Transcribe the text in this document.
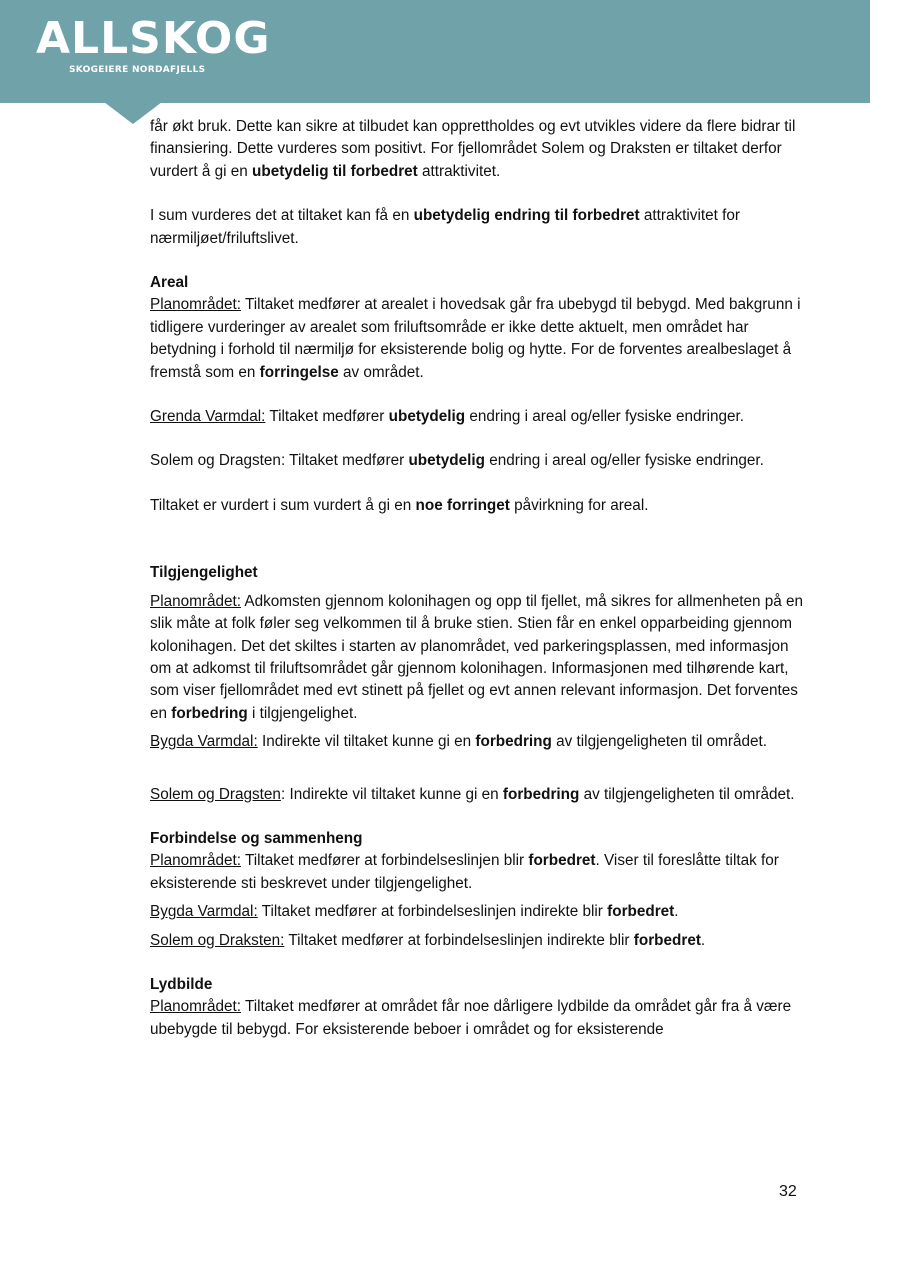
ALLSKOG
SKOGEIERE NORDAFJELLS

får økt bruk. Dette kan sikre at tilbudet kan opprettholdes og evt utvikles videre da flere bidrar til finansiering. Dette vurderes som positivt. For fjellområdet Solem og Draksten er tiltaket derfor vurdert å gi en ubetydelig til forbedret attraktivitet.

I sum vurderes det at tiltaket kan få en ubetydelig endring til forbedret attraktivitet for nærmiljøet/friluftslivet.

Areal

Planområdet: Tiltaket medfører at arealet i hovedsak går fra ubebygd til bebygd. Med bakgrunn i tidligere vurderinger av arealet som friluftsområde er ikke dette aktuelt, men området har betydning i forhold til nærmiljø for eksisterende bolig og hytte. For de forventes arealbeslaget å fremstå som en forringelse av området.

Grenda Varmdal: Tiltaket medfører ubetydelig endring i areal og/eller fysiske endringer.

Solem og Dragsten: Tiltaket medfører ubetydelig endring i areal og/eller fysiske endringer.

Tiltaket er vurdert i sum vurdert å gi en noe forringet påvirkning for areal.

Tilgjengelighet

Planområdet: Adkomsten gjennom kolonihagen og opp til fjellet, må sikres for allmenheten på en slik måte at folk føler seg velkommen til å bruke stien. Stien får en enkel opparbeiding gjennom kolonihagen. Det det skiltes i starten av planområdet, ved parkeringsplassen, med informasjon om at adkomst til friluftsområdet går gjennom kolonihagen. Informasjonen med tilhørende kart, som viser fjellområdet med evt stinett på fjellet og evt annen relevant informasjon. Det forventes en forbedring i tilgjengelighet.

Bygda Varmdal: Indirekte vil tiltaket kunne gi en forbedring av tilgjengeligheten til området.

Solem og Dragsten: Indirekte vil tiltaket kunne gi en forbedring av tilgjengeligheten til området.

Forbindelse og sammenheng

Planområdet: Tiltaket medfører at forbindelseslinjen blir forbedret. Viser til foreslåtte tiltak for eksisterende sti beskrevet under tilgjengelighet.

Bygda Varmdal: Tiltaket medfører at forbindelseslinjen indirekte blir forbedret.

Solem og Draksten: Tiltaket medfører at forbindelseslinjen indirekte blir forbedret.

Lydbilde

Planområdet: Tiltaket medfører at området får noe dårligere lydbilde da området går fra å være ubebygde til bebygd. For eksisterende beboer i området og for eksisterende

32
